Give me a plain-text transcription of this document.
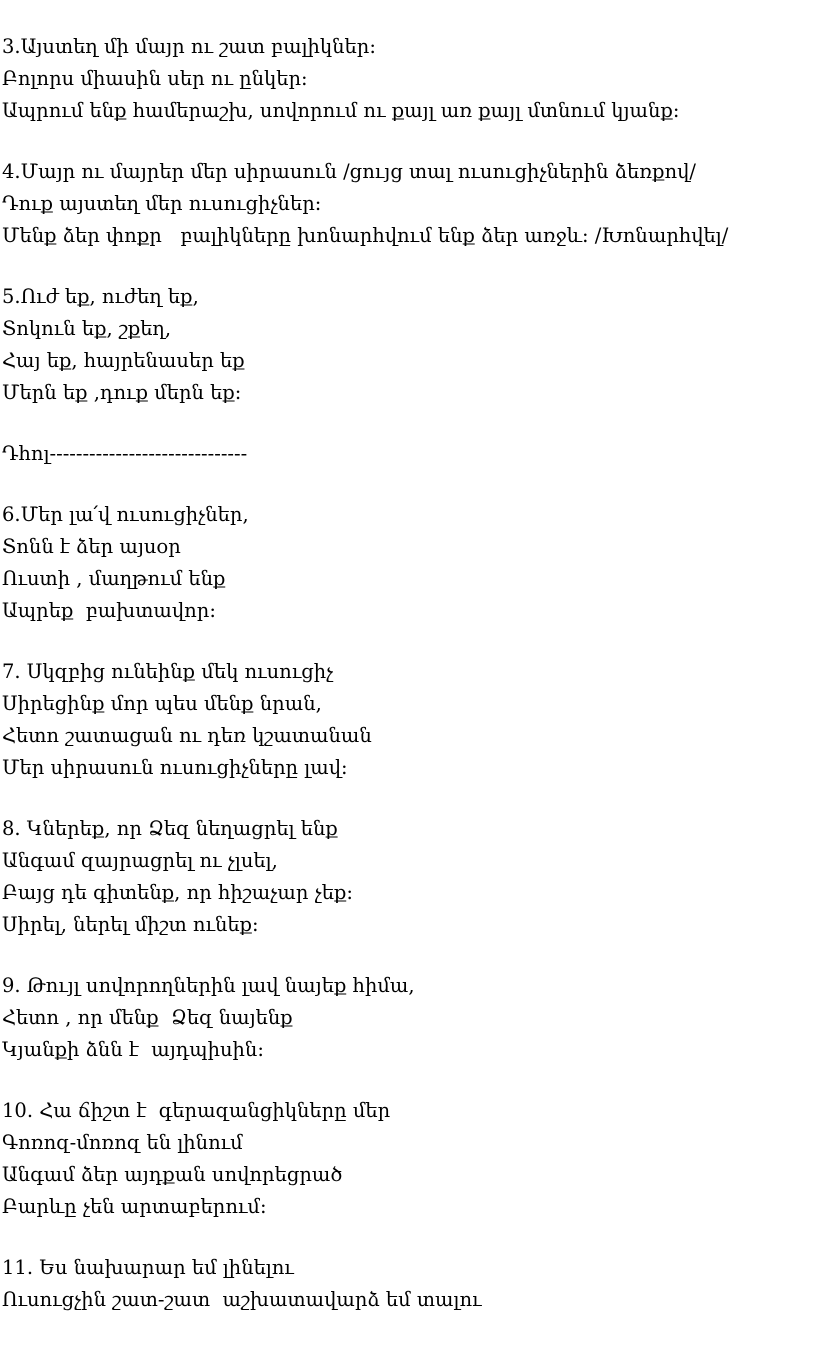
3.Այստեղ մի մայր ու շատ բալիկներ:
Բոլորս միասին սեր ու ընկեր:
Ապրում ենք համերաշխ, սովորում ու քայլ առ քայլ մտնում կյանք:
4.Մայր ու մայրեր մեր սիրասուն /ցույց տալ ուսուցիչներին ձեռքով/
Դուք այստեղ մեր ուսուցիչներ:
Մենք ձեր փոքր   բալիկները խոնարհվում ենք ձեր առջև: /Խոնարհվել/
5.Ուժ եք, ուժեղ եք,
Տոկուն եք, շքեղ,
Հայ եք, հայրենասեր եք
Մերն եք ,դուք մերն եք:
Դհոլ------------------------------
6.Մեր լա՛վ ուսուցիչներ,
Տոնն է ձեր այսօր
Ուստի , մաղթում ենք
Ապրեք  բախտավոր:
7. Սկզբից ունեինք մեկ ուսուցիչ
Սիրեցինք մոր պես մենք նրան,
Հետո շատացան ու դեռ կշատանան
Մեր սիրասուն ուսուցիչները լավ:
8. Կներեք, որ Ձեզ նեղացրել ենք
Անգամ զայրացրել ու չլսել,
Բայց դե գիտենք, որ հիշաչար չեք:
Սիրել, ներել միշտ ունեք:
9. Թույլ սովորողներին լավ նայեք հիմա,
Հետո , որ մենք  Ձեզ նայենք
Կյանքի ձնն է  այդպիսին:
10. Հա ճիշտ է  գերազանցիկները մեր
Գոռոզ-մոռոզ են լինում
Անգամ ձեր այդքան սովորեցրած
Բարևը չեն արտաբերում:
11. Ես նախարար եմ լինելու
Ուսուցչին շատ-շատ  աշխատավարձ եմ տալու
